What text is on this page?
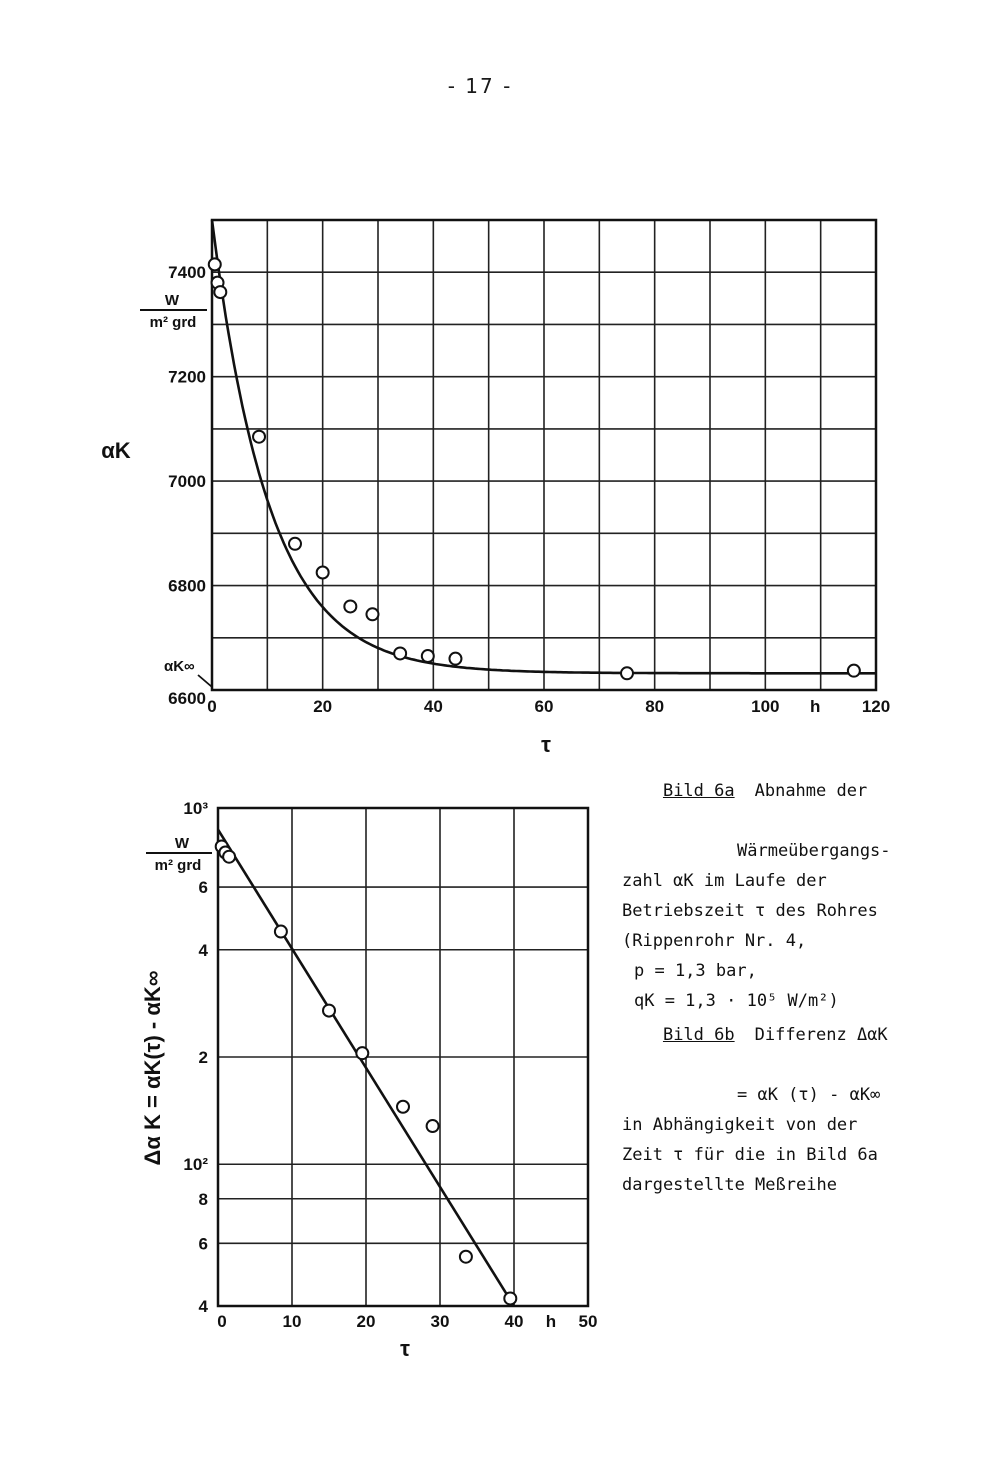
- 17 -
0	20	40	60	80	100 h 120
6600
6800
7000
7200
7400
W
m² grd
αK
τ
αK∞
0	10	20	30	40 h 50
10³
6
4
2
10²
8
6
4
W
m² grd
Δα K = αK(τ) - αK∞
τ

Bild 6a Abnahme der

Wärmeübergangs-
zahl αK im Laufe der
Betriebszeit τ des Rohres
(Rippenrohr Nr. 4,
p = 1,3 bar,
qK = 1,3 · 10⁵ W/m²)

Bild 6b Differenz ΔαK

= αK (τ) - αK∞
in Abhängigkeit von der
Zeit τ für die in Bild 6a
dargestellte Meßreihe
